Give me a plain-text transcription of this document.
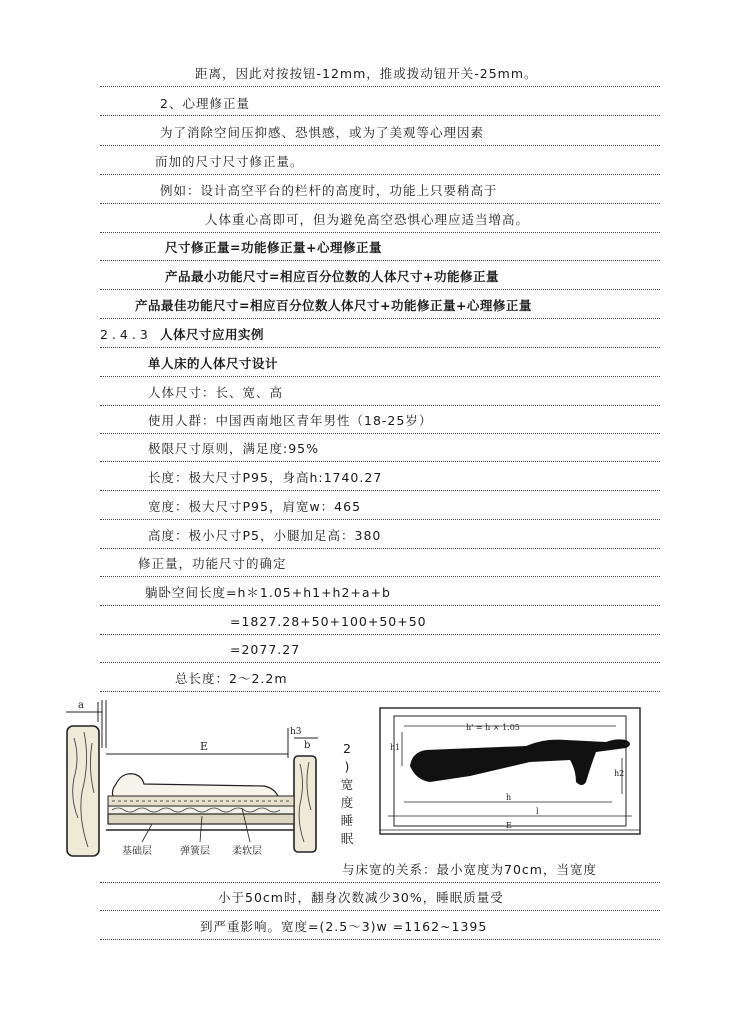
距离，因此对按按钮-12mm，推或拨动钮开关-25mm。
2、心理修正量
为了消除空间压抑感、恐惧感，或为了美观等心理因素
而加的尺寸尺寸修正量。
例如：设计高空平台的栏杆的高度时，功能上只要稍高于
人体重心高即可，但为避免高空恐惧心理应适当增高。
尺寸修正量=功能修正量+心理修正量
产品最小功能尺寸=相应百分位数的人体尺寸+功能修正量
产品最佳功能尺寸=相应百分位数人体尺寸+功能修正量+心理修正量
2.4.3 人体尺寸应用实例
单人床的人体尺寸设计
人体尺寸：长、宽、高
使用人群：中国西南地区青年男性（18-25岁）
极限尺寸原则，满足度:95%
长度：极大尺寸P95，身高h:1740.27
宽度：极大尺寸P95，肩宽w：465
高度：极小尺寸P5，小腿加足高：380
修正量，功能尺寸的确定
躺卧空间长度=h＊1.05+h1+h2+a+b
=1827.28+50+100+50+50
=2077.27
总长度：2～2.2m
a
h3
b
E
基础层	弹簧层 柔软层
2
)
宽
度
睡
眠
h' = h × 1.05
h1
h2
h
l
E
与床宽的关系：最小宽度为70cm，当宽度
小于50cm时，翻身次数减少30%，睡眠质量受
到严重影响。宽度=(2.5～3)w =1162~1395
